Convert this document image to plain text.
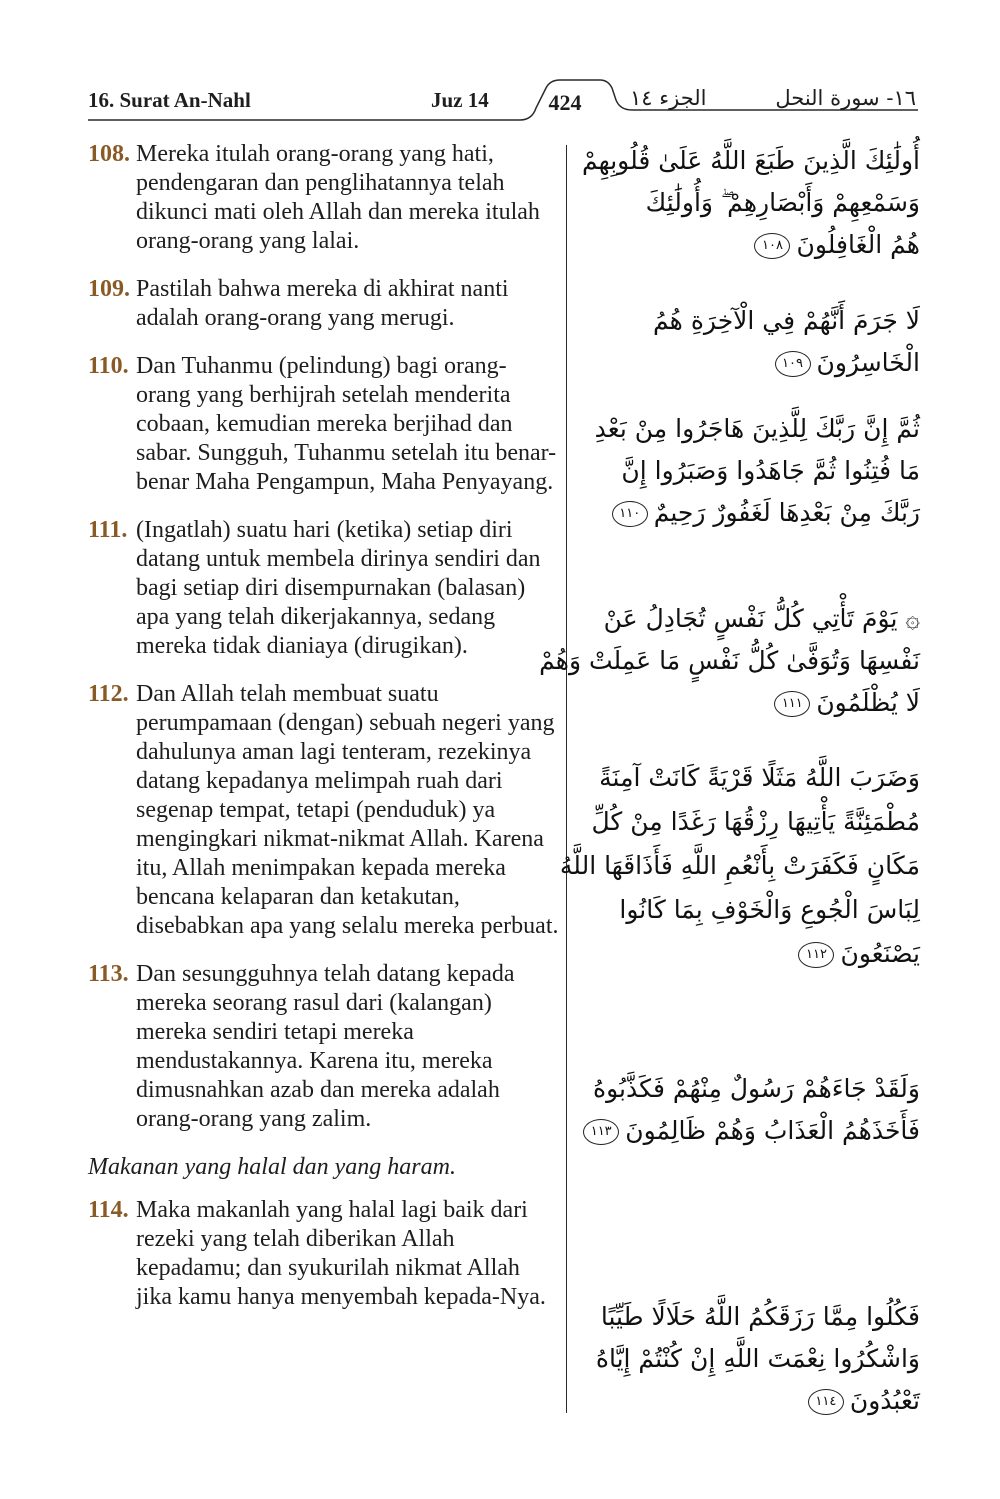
16. Surat An-Nahl	Juz 14	424	الجزء ١٤	١٦- سورة النحل
108. Mereka itulah orang-orang yang hati, pendengaran dan penglihatannya telah dikunci mati oleh Allah dan mereka itulah orang-orang yang lalai.
109. Pastilah bahwa mereka di akhirat nanti adalah orang-orang yang merugi.
110. Dan Tuhanmu (pelindung) bagi orang-orang yang berhijrah setelah menderita cobaan, kemudian mereka berjihad dan sabar. Sungguh, Tuhanmu setelah itu benar-benar Maha Pengampun, Maha Penyayang.
111. (Ingatlah) suatu hari (ketika) setiap diri datang untuk membela dirinya sendiri dan bagi setiap diri disempurnakan (balasan) apa yang telah dikerjakannya, sedang mereka tidak dianiaya (dirugikan).
112. Dan Allah telah membuat suatu perumpamaan (dengan) sebuah negeri yang dahulunya aman lagi tenteram, rezekinya datang kepadanya melimpah ruah dari segenap tempat, tetapi (penduduk) ya mengingkari nikmat-nikmat Allah. Karena itu, Allah menimpakan kepada mereka bencana kelaparan dan ketakutan, disebabkan apa yang selalu mereka perbuat.
113. Dan sesungguhnya telah datang kepada mereka seorang rasul dari (kalangan) mereka sendiri tetapi mereka mendustakannya. Karena itu, mereka dimusnahkan azab dan mereka adalah orang-orang yang zalim.
Makanan yang halal dan yang haram.
114. Maka makanlah yang halal lagi baik dari rezeki yang telah diberikan Allah kepadamu; dan syukurilah nikmat Allah jika kamu hanya menyembah kepada-Nya.
أُولَٰئِكَ الَّذِينَ طَبَعَ اللَّهُ عَلَىٰ قُلُوبِهِمْ
وَسَمْعِهِمْ وَأَبْصَارِهِمْ ۖ وَأُولَٰئِكَ
هُمُ الْغَافِلُونَ١٠٨
لَا جَرَمَ أَنَّهُمْ فِي الْآخِرَةِ هُمُ
الْخَاسِرُونَ١٠٩
ثُمَّ إِنَّ رَبَّكَ لِلَّذِينَ هَاجَرُوا مِنْ بَعْدِ
مَا فُتِنُوا ثُمَّ جَاهَدُوا وَصَبَرُوا إِنَّ
رَبَّكَ مِنْ بَعْدِهَا لَغَفُورٌ رَحِيمٌ١١٠
۞ يَوْمَ تَأْتِي كُلُّ نَفْسٍ تُجَادِلُ عَنْ
نَفْسِهَا وَتُوَفَّىٰ كُلُّ نَفْسٍ مَا عَمِلَتْ وَهُمْ
لَا يُظْلَمُونَ١١١
وَضَرَبَ اللَّهُ مَثَلًا قَرْيَةً كَانَتْ آمِنَةً
مُطْمَئِنَّةً يَأْتِيهَا رِزْقُهَا رَغَدًا مِنْ كُلِّ
مَكَانٍ فَكَفَرَتْ بِأَنْعُمِ اللَّهِ فَأَذَاقَهَا اللَّهُ
لِبَاسَ الْجُوعِ وَالْخَوْفِ بِمَا كَانُوا
يَصْنَعُونَ١١٢
وَلَقَدْ جَاءَهُمْ رَسُولٌ مِنْهُمْ فَكَذَّبُوهُ
فَأَخَذَهُمُ الْعَذَابُ وَهُمْ ظَالِمُونَ١١٣
فَكُلُوا مِمَّا رَزَقَكُمُ اللَّهُ حَلَالًا طَيِّبًا
وَاشْكُرُوا نِعْمَتَ اللَّهِ إِنْ كُنْتُمْ إِيَّاهُ
تَعْبُدُونَ١١٤
